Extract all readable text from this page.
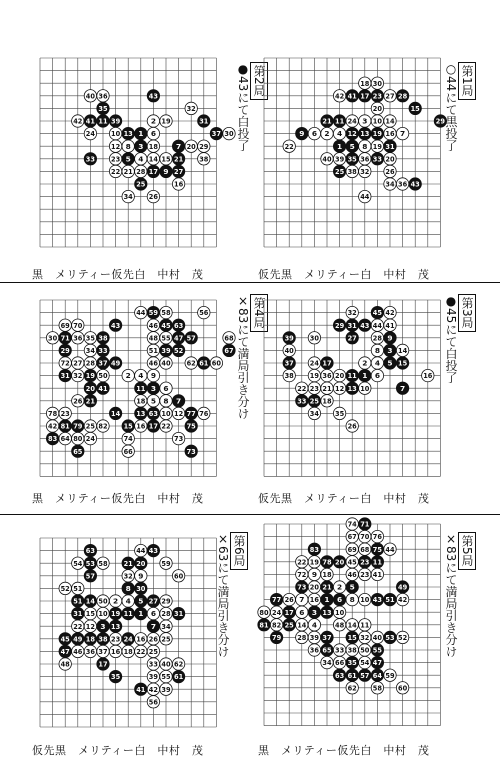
40 36	43
35	32
42 41 11 39	2 19	31
24 10 13 1 6	37 30
12 8 3 18 7 20 29
33 23 5 4 14 15 21 38
22 21 28 17 9 27
25	16
34 26
黒　メリティー仮先白　中村　茂
第2局
●43にて白投了	18 30
42 41 17 23 27 28
20	15
21 11 24 3 10 14	29
9 6 2 4 12 13 19 16 7
22	1 5 8 19 31
40 39 35 36 33 20
25 38 32 26
34 36 43
44
仮先黒　メリティー白　中村　茂
第1局
○44にて黒投了
44 59 58	56
69 70	43	46 45 63
30 71 36 35 38	48 55 47 57	68
29 34 33	51 39 52	67
72 27 28 37 49	46 40 62 61 60
31 32 19 50 2 4 9
20 41	11 3 6
26 21	18 5 8 7
78 23	14 13 63 10 12 77 76
42 81 79 25 82 15 16 17 22 75
83 64 80 24	74	73
65	66	73
黒　メリティー仮先白　中村　茂
第4局
×83にて満局引き分け	32 45 42
29 31 43 44 41
39 30	27 28 9
40	8 3 14
37 24 17	2 4 5 15
38 19 36 20 11 1 6	16
22 23 21 12 13 10	7
33 25 18
34 35
26
仮先黒　メリティー白　中村　茂
第3局
●45にて白投了
63	44 43
54 53 58 21 20 59
57	32 9	60
52 51	8 30
51 14 50 2 4 5 27 29
31 15 10 19 11 1 6 28 31
22 12 3 13	7 34
45 49 18 38 23 24 16 26 25
47 46 36 37 16 18 22 25
48	17	33 40 62
35	39 55 61
41 42 39
56
仮先黒　メリティー白　中村　茂
第6局
×63にて満局引き分け
74 71
67 70 76
83	69 68 75 44
22 19 78 20 45 23 11
72 9 18 46 23 41
73 20 21 2 5	49
77 26 7 16 1 6 8 10 43 51 42
80 24 17 6 3 13 10
81 82 25 14 4	48 14 11
79 28 39 37 15 32 40 53 52
36 65 33 38 50 55
34 66 35 54 47
63 61 57 64 59
62 58 60
黒　メリティー仮先白　中村　茂
第5局
×83にて満局引き分け
